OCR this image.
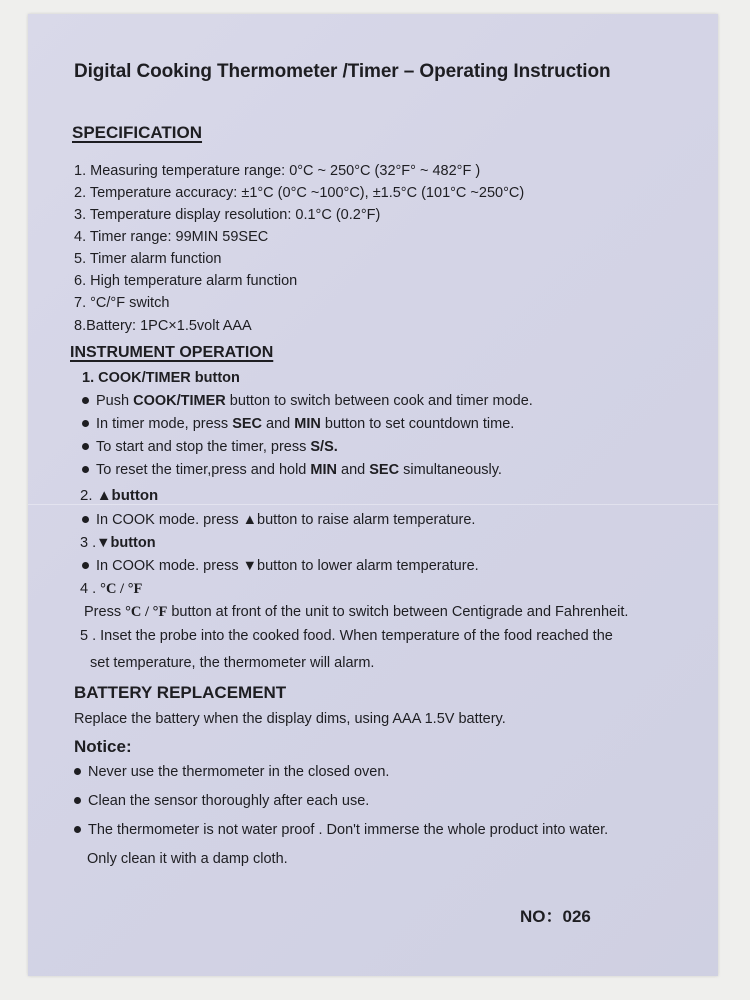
Digital Cooking Thermometer /Timer – Operating Instruction
SPECIFICATION
1. Measuring temperature range: 0°C ~ 250°C (32°F° ~ 482°F )
2. Temperature accuracy: ±1°C (0°C ~100°C), ±1.5°C (101°C ~250°C)
3. Temperature display resolution: 0.1°C (0.2°F)
4. Timer range: 99MIN 59SEC
5. Timer alarm function
6. High temperature alarm function
7. °C/°F switch
8.Battery: 1PC×1.5volt AAA
INSTRUMENT OPERATION
1. COOK/TIMER button
Push COOK/TIMER button to switch between cook and timer mode.
In timer mode, press SEC and MIN button to set countdown time.
To start and stop the timer, press S/S.
To reset the timer,press and hold MIN and SEC simultaneously.
2. ▲button
In COOK mode. press ▲button to raise alarm temperature.
3 .▼button
In COOK mode. press ▼button to lower alarm temperature.
4 . °C / °F
Press °C / °F button at front of the unit to switch between Centigrade and Fahrenheit.
5 . Inset the probe into the cooked food. When temperature of the food reached the
set temperature, the thermometer will alarm.
BATTERY REPLACEMENT
Replace the battery when the display dims, using AAA 1.5V battery.
Notice:
Never use the thermometer in the closed oven.
Clean the sensor thoroughly after each use.
The thermometer is not water proof . Don't immerse the whole product into water.
Only clean it with a damp cloth.
NO：026
